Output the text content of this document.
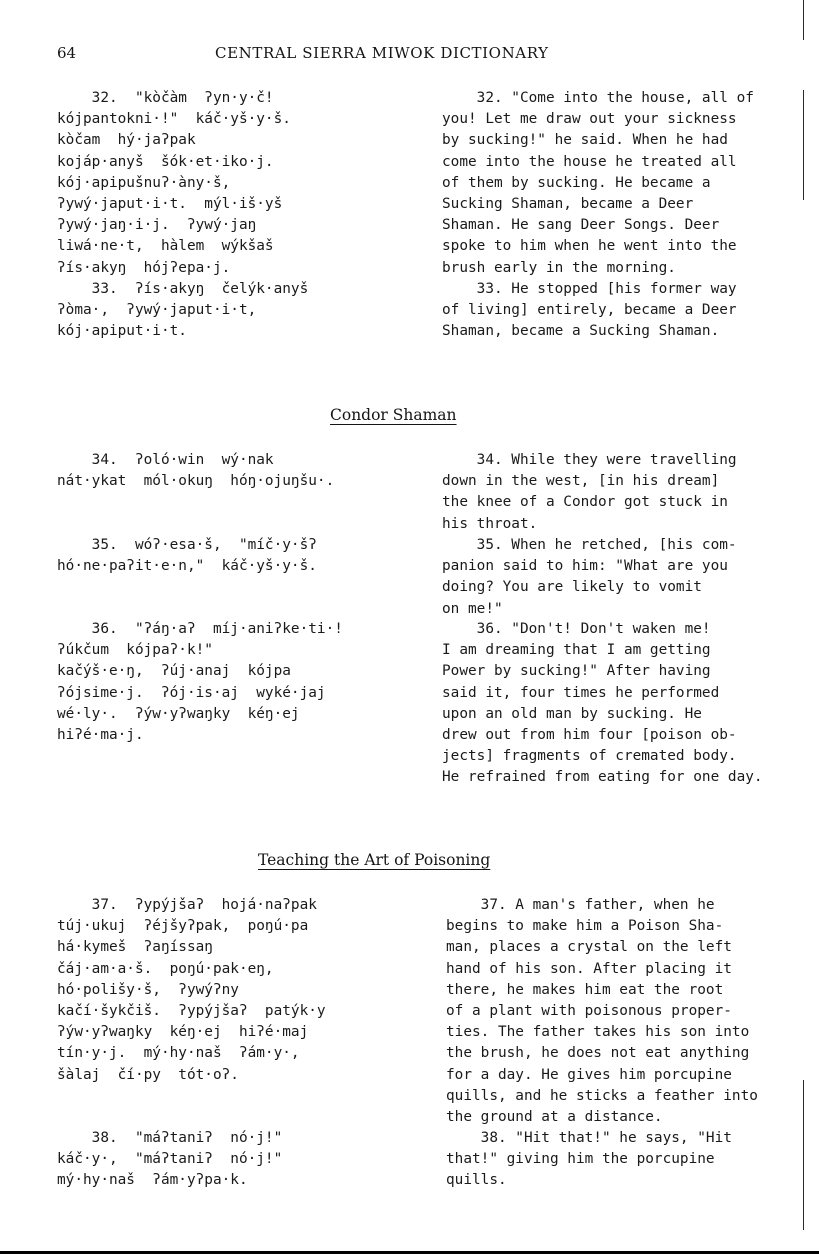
64	CENTRAL SIERRA MIWOK DICTIONARY
32.  "kòčàm  ʔyn·y·č!
kójpantokni·!"  káč·yš·y·š.
kòčam  hý·jaʔpak
kojáp·anyš  šók·et·iko·j.
kój·apipušnuʔ·àny·š,
ʔywý·japut·i·t.  mýl·iš·yš
ʔywý·jaŋ·i·j.  ʔywý·jaŋ
liwá·ne·t,  hàlem  wýkšaš
ʔís·akyŋ  hójʔepa·j.
33.  ʔís·akyŋ  čelýk·anyš
ʔòma·,  ʔywý·japut·i·t,
kój·apiput·i·t.
32. "Come into the house, all of
you! Let me draw out your sickness
by sucking!" he said. When he had
come into the house he treated all
of them by sucking. He became a
Sucking Shaman, became a Deer
Shaman. He sang Deer Songs. Deer
spoke to him when he went into the
brush early in the morning.
33. He stopped [his former way
of living] entirely, became a Deer
Shaman, became a Sucking Shaman.
Condor Shaman
34.  ʔoló·win  wý·nak
nát·ykat  mól·okuŋ  hóŋ·ojuŋšu·.
34. While they were travelling
down in the west, [in his dream]
the knee of a Condor got stuck in
his throat.
35.  wóʔ·esa·š,  "míč·y·šʔ
hó·ne·paʔit·e·n,"  káč·yš·y·š.
35. When he retched, [his com-
panion said to him: "What are you
doing? You are likely to vomit
on me!"
36.  "ʔáŋ·aʔ  míj·aniʔke·ti·!
ʔúkčum  kójpaʔ·k!"
kačýš·e·ŋ,  ʔúj·anaj  kójpa
ʔójsime·j.  ʔój·is·aj  wyké·jaj
wé·ly·.  ʔýw·yʔwaŋky  kéŋ·ej
hiʔé·ma·j.
36. "Don't! Don't waken me!
I am dreaming that I am getting
Power by sucking!" After having
said it, four times he performed
upon an old man by sucking. He
drew out from him four [poison ob-
jects] fragments of cremated body.
He refrained from eating for one day.
Teaching the Art of Poisoning
37.  ʔypýjšaʔ  hojá·naʔpak
túj·ukuj  ʔéjšyʔpak,  poŋú·pa
há·kymeš  ʔaŋíssaŋ
čáj·am·a·š.  poŋú·pak·eŋ,
hó·polišy·š,  ʔywýʔny
kačí·šykčiš.  ʔypýjšaʔ  patýk·y
ʔýw·yʔwaŋky  kéŋ·ej  hiʔé·maj
tín·y·j.  mý·hy·naš  ʔám·y·,
šàlaj  čí·py  tót·oʔ.
37. A man's father, when he
begins to make him a Poison Sha-
man, places a crystal on the left
hand of his son. After placing it
there, he makes him eat the root
of a plant with poisonous proper-
ties. The father takes his son into
the brush, he does not eat anything
for a day. He gives him porcupine
quills, and he sticks a feather into
the ground at a distance.
38.  "máʔtaniʔ  nó·j!"
káč·y·,  "máʔtaniʔ  nó·j!"
mý·hy·naš  ʔám·yʔpa·k.
38. "Hit that!" he says, "Hit
that!" giving him the porcupine
quills.
